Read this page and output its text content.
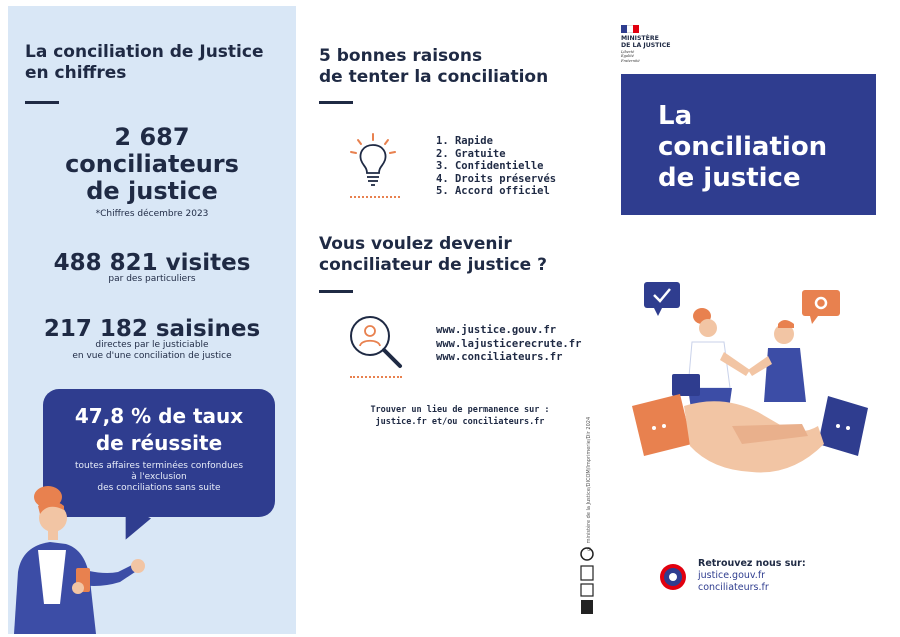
La conciliation de Justice en chiffres
2 687
conciliateurs
de justice
*Chiffres décembre 2023
488 821 visites
par des particuliers
217 182 saisines
directes par le justiciable
en vue d'une conciliation de justice
47,8 % de taux
de réussite
toutes affaires terminées confondues
à l'exclusion
des conciliations sans suite
5 bonnes raisons
de tenter la conciliation
1. Rapide
2. Gratuite
3. Confidentielle
4. Droits préservés
5. Accord officiel
Vous voulez devenir
conciliateur de justice ?
www.justice.gouv.fr
www.lajusticerecrute.fr
www.conciliateurs.fr
Trouver un lieu de permanence sur :
justice.fr et/ou conciliateurs.fr	© ministère de la Justice/DICOM/Imprimerie/Dir 2024
MINISTÈRE
DE LA JUSTICE
Liberté
Égalité
Fraternité
La
conciliation
de justice
Retrouvez nous sur:
justice.gouv.fr
conciliateurs.fr
